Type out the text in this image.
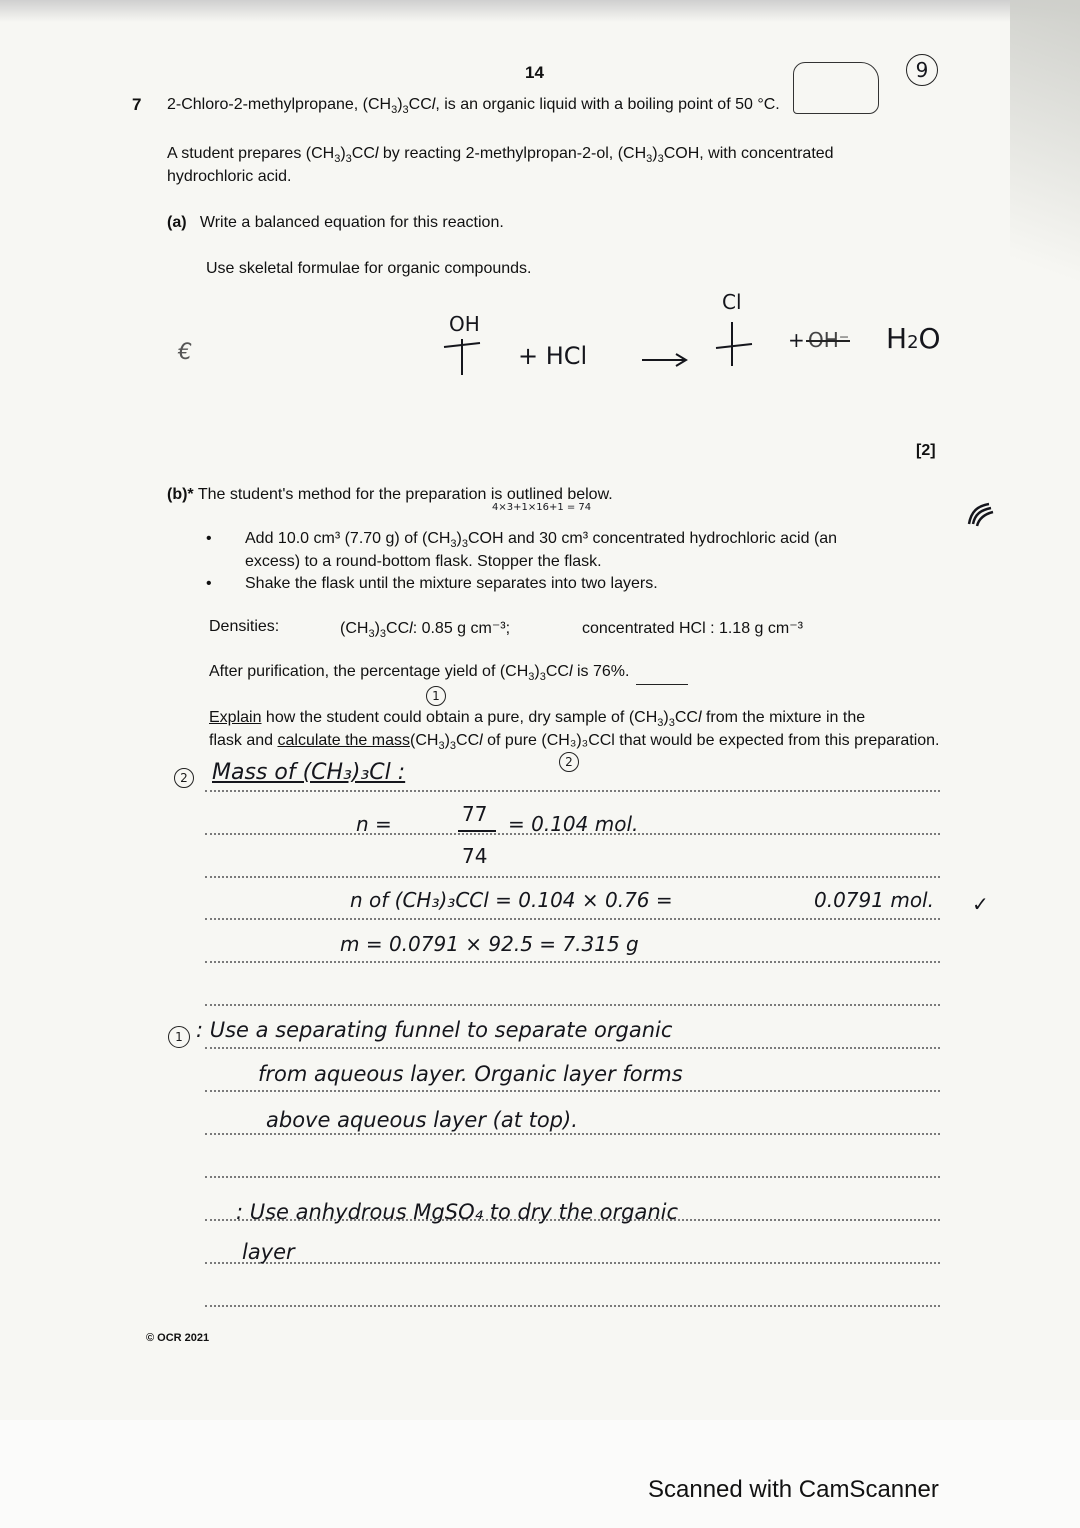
14
7
9
2-Chloro-2-methylpropane, $(CH_3)_3CCl$, is an organic liquid with a boiling point of 50 °C.
A student prepares $(CH_3)_3CCl$ by reacting 2-methylpropan-2-ol, $(CH_3)_3COH$, with concentrated
hydrochloric acid.
(a) Write a balanced equation for this reaction.
Use skeletal formulae for organic compounds.
€
OH
+ HCl
Cl
+ OH⁻ H2O
[2]
(b)* The student's method for the preparation is outlined below.
4×3+1×16+1 = 74
• Add 10.0 cm³ (7.70 g) of $(CH_3)_3COH$ and 30 cm³ concentrated hydrochloric acid (an
excess) to a round-bottom flask. Stopper the flask.
• Shake the flask until the mixture separates into two layers.
Densities:	$(CH_3)_3CCl$: 0.85 g cm⁻³;	concentrated HCl : 1.18 g cm⁻³
After purification, the percentage yield of $(CH_3)_3CCl$ is 76%.
1
Explain how the student could obtain a pure, dry sample of $(CH_3)_3CCl$ from the mixture in the
flask and calculate the $mass(CH_3)_3CCl$ of pure (CH₃)₃CCl that would be expected from this preparation.
2
2 Mass of (CH₃)₃Cl :
n =	77
74
= 0.104 mol.
n of (CH₃)₃CCl = 0.104 × 0.76 =	0.0791 mol. ✓
m = 0.0791 × 92.5 = 7.315 g
1 : Use a separating funnel to separate organic
from aqueous layer. Organic layer forms
above aqueous layer (at top).
: Use anhydrous MgSO₄ to dry the organic
layer
© OCR 2021
Scanned with CamScanner
